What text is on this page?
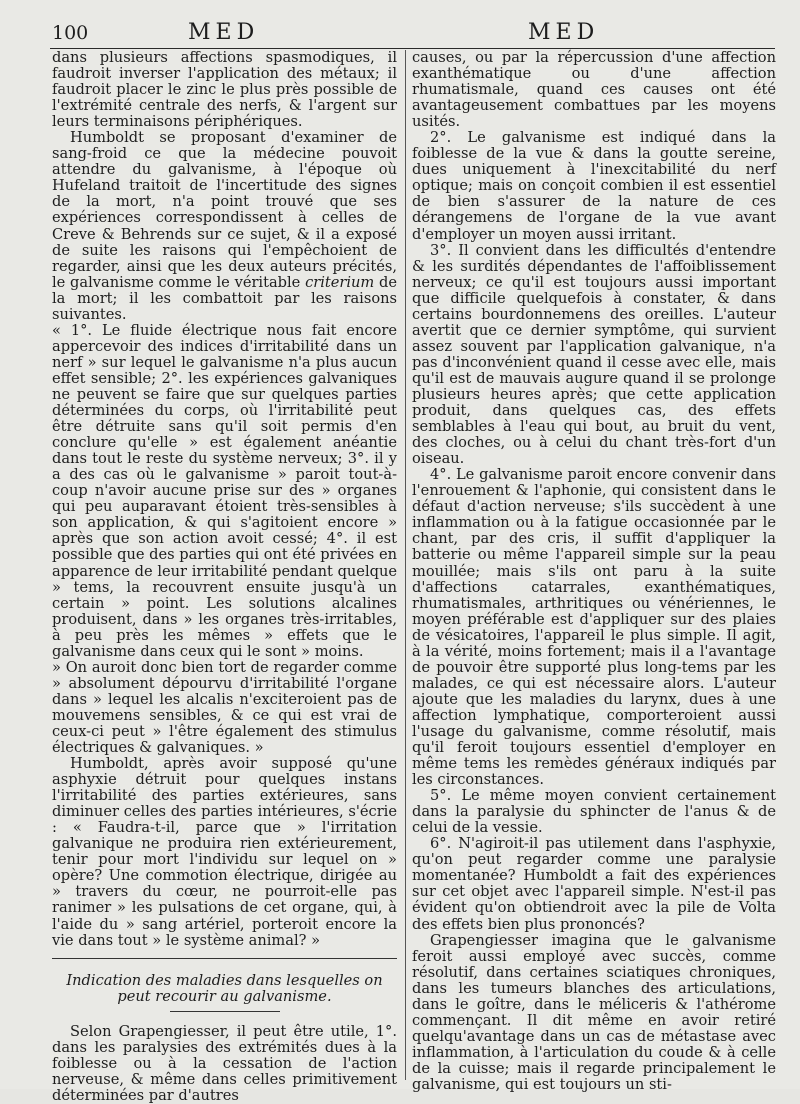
100	MED	MED

dans plusieurs affections spasmodiques, il faudroit inverser l'application des métaux; il faudroit placer le zinc le plus près possible de l'extrémité centrale des nerfs, & l'argent sur leurs terminaisons périphériques.

Humboldt se proposant d'examiner de sang-froid ce que la médecine pouvoit attendre du galvanisme, à l'époque où Hufeland traitoit de l'incertitude des signes de la mort, n'a point trouvé que ses expériences correspondissent à celles de Creve & Behrends sur ce sujet, & il a exposé de suite les raisons qui l'empêchoient de regarder, ainsi que les deux auteurs précités, le galvanisme comme le véritable criterium de la mort; il les combattoit par les raisons suivantes.

« 1°. Le fluide électrique nous fait encore appercevoir des indices d'irritabilité dans un nerf » sur lequel le galvanisme n'a plus aucun effet sensible; 2°. les expériences galvaniques ne peuvent se faire que sur quelques parties déterminées du corps, où l'irritabilité peut être détruite sans qu'il soit permis d'en conclure qu'elle » est également anéantie dans tout le reste du système nerveux; 3°. il y a des cas où le galvanisme » paroit tout-à-coup n'avoir aucune prise sur des » organes qui peu auparavant étoient très-sensibles à son application, & qui s'agitoient encore » après que son action avoit cessé; 4°. il est possible que des parties qui ont été privées en apparence de leur irritabilité pendant quelque » tems, la recouvrent ensuite jusqu'à un certain » point. Les solutions alcalines produisent, dans » les organes très-irritables, à peu près les mêmes » effets que le galvanisme dans ceux qui le sont » moins.

» On auroit donc bien tort de regarder comme » absolument dépourvu d'irritabilité l'organe dans » lequel les alcalis n'exciteroient pas de mouvemens sensibles, & ce qui est vrai de ceux-ci peut » l'être également des stimulus électriques & galvaniques. »

Humboldt, après avoir supposé qu'une asphyxie détruit pour quelques instans l'irritabilité des parties extérieures, sans diminuer celles des parties intérieures, s'écrie : « Faudra-t-il, parce que » l'irritation galvanique ne produira rien extérieurement, tenir pour mort l'individu sur lequel on » opère? Une commotion électrique, dirigée au » travers du cœur, ne pourroit-elle pas ranimer » les pulsations de cet organe, qui, à l'aide du » sang artériel, porteroit encore la vie dans tout » le système animal? »

Indication des maladies dans lesquelles on peut recourir au galvanisme.

Selon Grapengiesser, il peut être utile, 1°. dans les paralysies des extrémités dues à la foiblesse ou à la cessation de l'action nerveuse, & même dans celles primitivement déterminées par d'autres

causes, ou par la répercussion d'une affection exanthématique ou d'une affection rhumatismale, quand ces causes ont été avantageusement combattues par les moyens usités.

2°. Le galvanisme est indiqué dans la foiblesse de la vue & dans la goutte sereine, dues uniquement à l'inexcitabilité du nerf optique; mais on conçoit combien il est essentiel de bien s'assurer de la nature de ces dérangemens de l'organe de la vue avant d'employer un moyen aussi irritant.

3°. Il convient dans les difficultés d'entendre & les surdités dépendantes de l'affoiblissement nerveux; ce qu'il est toujours aussi important que difficile quelquefois à constater, & dans certains bourdonnemens des oreilles. L'auteur avertit que ce dernier symptôme, qui survient assez souvent par l'application galvanique, n'a pas d'inconvénient quand il cesse avec elle, mais qu'il est de mauvais augure quand il se prolonge plusieurs heures après; que cette application produit, dans quelques cas, des effets semblables à l'eau qui bout, au bruit du vent, des cloches, ou à celui du chant très-fort d'un oiseau.

4°. Le galvanisme paroit encore convenir dans l'enrouement & l'aphonie, qui consistent dans le défaut d'action nerveuse; s'ils succèdent à une inflammation ou à la fatigue occasionnée par le chant, par des cris, il suffit d'appliquer la batterie ou même l'appareil simple sur la peau mouillée; mais s'ils ont paru à la suite d'affections catarrales, exanthématiques, rhumatismales, arthritiques ou vénériennes, le moyen préférable est d'appliquer sur des plaies de vésicatoires, l'appareil le plus simple. Il agit, à la vérité, moins fortement; mais il a l'avantage de pouvoir être supporté plus long-tems par les malades, ce qui est nécessaire alors. L'auteur ajoute que les maladies du larynx, dues à une affection lymphatique, comporteroient aussi l'usage du galvanisme, comme résolutif, mais qu'il feroit toujours essentiel d'employer en même tems les remèdes généraux indiqués par les circonstances.

5°. Le même moyen convient certainement dans la paralysie du sphincter de l'anus & de celui de la vessie.

6°. N'agiroit-il pas utilement dans l'asphyxie, qu'on peut regarder comme une paralysie momentanée? Humboldt a fait des expériences sur cet objet avec l'appareil simple. N'est-il pas évident qu'on obtiendroit avec la pile de Volta des effets bien plus prononcés?

Grapengiesser imagina que le galvanisme feroit aussi employé avec succès, comme résolutif, dans certaines sciatiques chroniques, dans les tumeurs blanches des articulations, dans le goître, dans le méliceris & l'athérome commençant. Il dit même en avoir retiré quelqu'avantage dans un cas de métastase avec inflammation, à l'articulation du coude & à celle de la cuisse; mais il regarde principalement le galvanisme, qui est toujours un sti-
